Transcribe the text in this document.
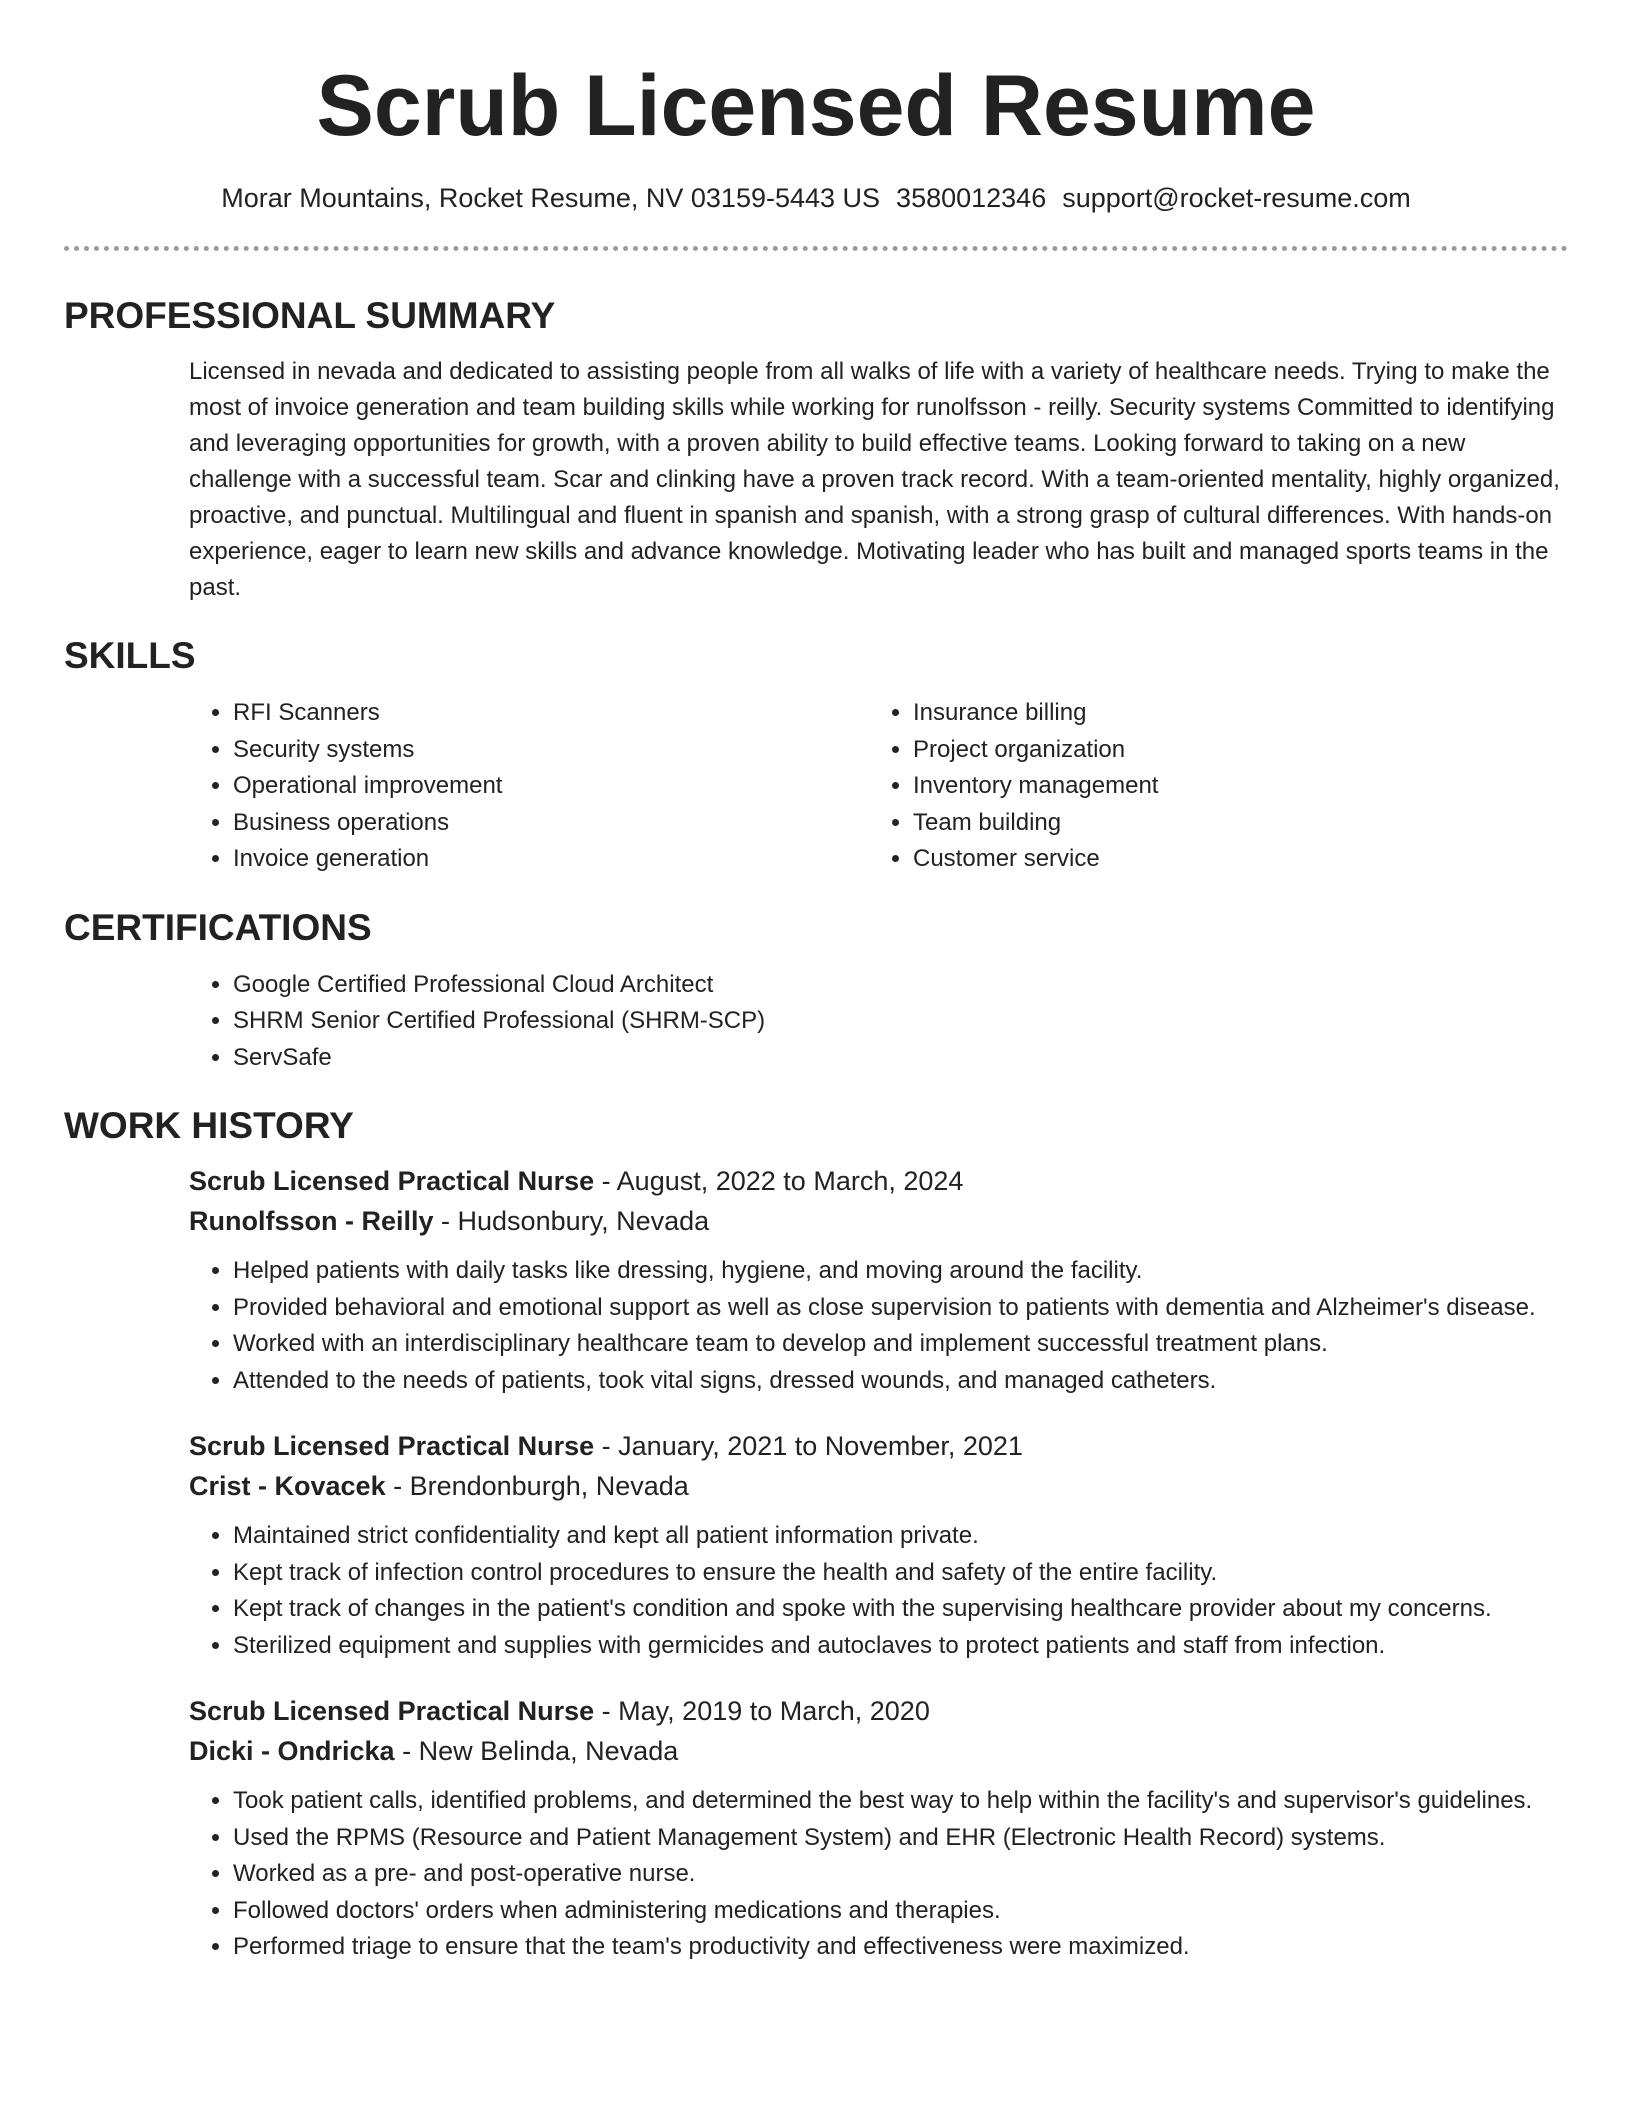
Scrub Licensed Resume
Morar Mountains, Rocket Resume, NV 03159-5443 US 3580012346 support@rocket-resume.com
PROFESSIONAL SUMMARY

Licensed in nevada and dedicated to assisting people from all walks of life with a variety of healthcare needs. Trying to make the most of invoice generation and team building skills while working for runolfsson - reilly. Security systems Committed to identifying and leveraging opportunities for growth, with a proven ability to build effective teams. Looking forward to taking on a new challenge with a successful team. Scar and clinking have a proven track record. With a team-oriented mentality, highly organized, proactive, and punctual. Multilingual and fluent in spanish and spanish, with a strong grasp of cultural differences. With hands-on experience, eager to learn new skills and advance knowledge. Motivating leader who has built and managed sports teams in the past.

SKILLS
• RFI Scanners
• Security systems
• Operational improvement
• Business operations
• Invoice generation
• Insurance billing
• Project organization
• Inventory management
• Team building
• Customer service
CERTIFICATIONS
• Google Certified Professional Cloud Architect
• SHRM Senior Certified Professional (SHRM-SCP)
• ServSafe
WORK HISTORY
Scrub Licensed Practical Nurse - August, 2022 to March, 2024
Runolfsson - Reilly - Hudsonbury, Nevada
• Helped patients with daily tasks like dressing, hygiene, and moving around the facility.
• Provided behavioral and emotional support as well as close supervision to patients with dementia and Alzheimer's disease.
• Worked with an interdisciplinary healthcare team to develop and implement successful treatment plans.
• Attended to the needs of patients, took vital signs, dressed wounds, and managed catheters.
Scrub Licensed Practical Nurse - January, 2021 to November, 2021
Crist - Kovacek - Brendonburgh, Nevada
• Maintained strict confidentiality and kept all patient information private.
• Kept track of infection control procedures to ensure the health and safety of the entire facility.
• Kept track of changes in the patient's condition and spoke with the supervising healthcare provider about my concerns.
• Sterilized equipment and supplies with germicides and autoclaves to protect patients and staff from infection.
Scrub Licensed Practical Nurse - May, 2019 to March, 2020
Dicki - Ondricka - New Belinda, Nevada
• Took patient calls, identified problems, and determined the best way to help within the facility's and supervisor's guidelines.
• Used the RPMS (Resource and Patient Management System) and EHR (Electronic Health Record) systems.
• Worked as a pre- and post-operative nurse.
• Followed doctors' orders when administering medications and therapies.
• Performed triage to ensure that the team's productivity and effectiveness were maximized.
